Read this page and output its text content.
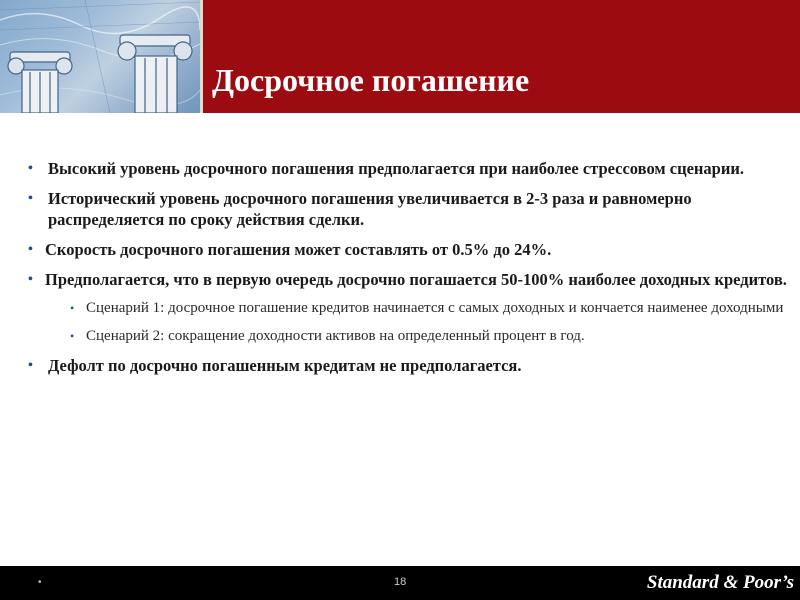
Досрочное погашение
• Высокий уровень досрочного погашения предполагается при наиболее стрессовом сценарии.
• Исторический уровень досрочного погашения увеличивается в 2-3 раза и равномерно распределяется по сроку действия сделки.
• Скорость досрочного погашения может составлять от 0.5% до 24%.
• Предполагается, что в первую очередь досрочно погашается 50-100% наиболее доходных кредитов.
• Сценарий 1: досрочное погашение кредитов начинается с самых доходных и кончается наименее доходными
• Сценарий 2: сокращение доходности активов на определенный процент в год.
• Дефолт по досрочно погашенным кредитам не предполагается.
•	18	Standard & Poor’s
